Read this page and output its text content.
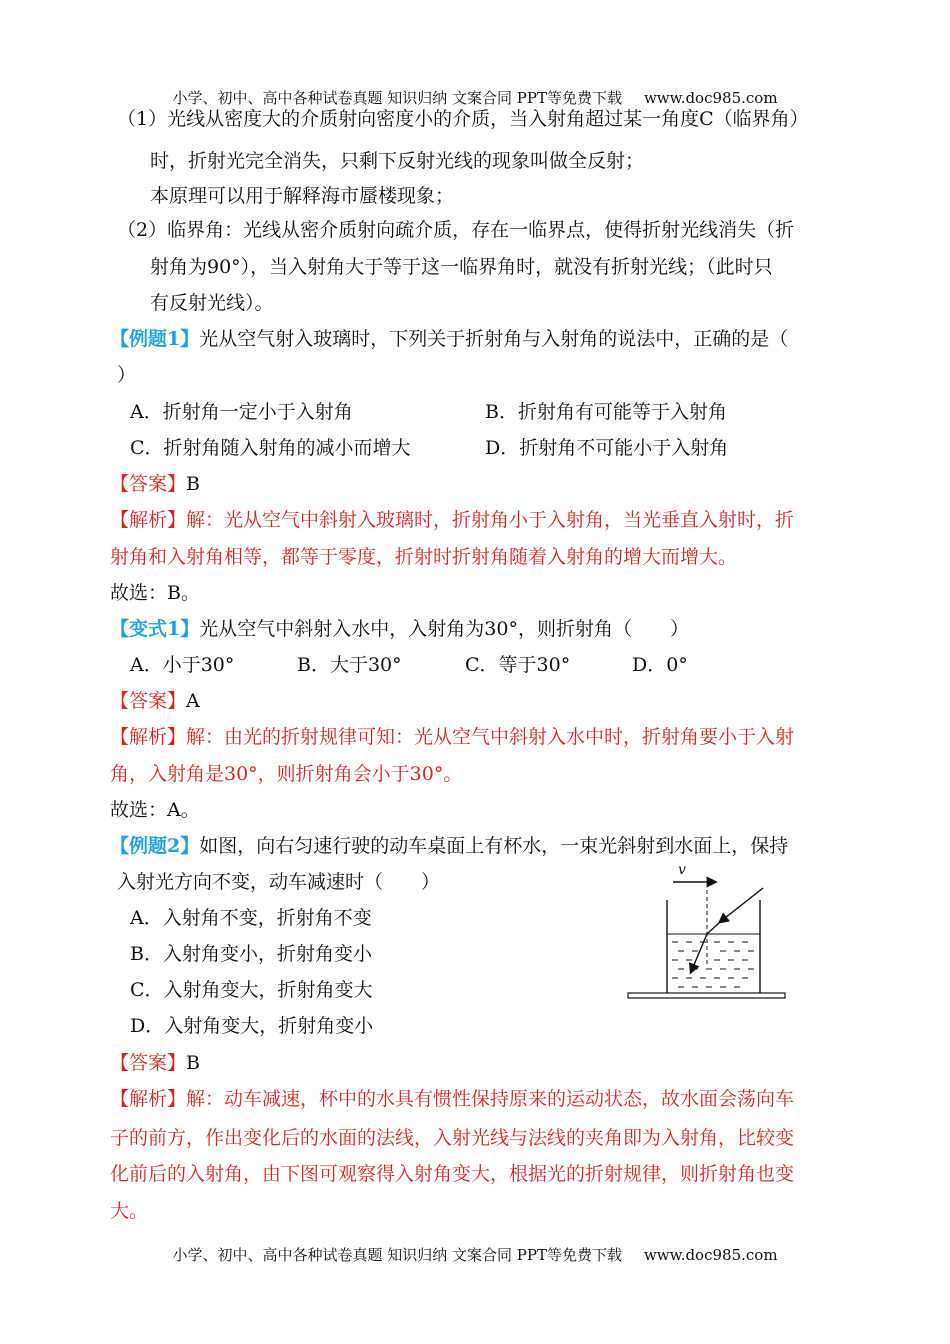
小学、初中、高中各种试卷真题 知识归纳 文案合同 PPT等免费下载 www.doc985.com
（1）光线从密度大的介质射向密度小的介质，当入射角超过某一角度C（临界角）
时，折射光完全消失，只剩下反射光线的现象叫做全反射；
本原理可以用于解释海市蜃楼现象；
（2）临界角：光线从密介质射向疏介质，存在一临界点，使得折射光线消失（折
射角为90°），当入射角大于等于这一临界角时，就没有折射光线；（此时只
有反射光线）。
【例题1】光从空气射入玻璃时，下列关于折射角与入射角的说法中，正确的是（
）
A．折射角一定小于入射角	B．折射角有可能等于入射角
C．折射角随入射角的减小而增大	D．折射角不可能小于入射角
【答案】B
【解析】解：光从空气中斜射入玻璃时，折射角小于入射角，当光垂直入射时，折
射角和入射角相等，都等于零度，折射时折射角随着入射角的增大而增大。
故选：B。
【变式1】光从空气中斜射入水中，入射角为30°，则折射角（　　）
A．小于30°	B．大于30°	C．等于30°	D．0°
【答案】A
【解析】解：由光的折射规律可知：光从空气中斜射入水中时，折射角要小于入射
角，入射角是30°，则折射角会小于30°。
故选：A。
【例题2】如图，向右匀速行驶的动车桌面上有杯水，一束光斜射到水面上，保持
入射光方向不变，动车减速时（　　）
A．入射角不变，折射角不变
B．入射角变小，折射角变小
C．入射角变大，折射角变大
D．入射角变大，折射角变小
v
【答案】B
【解析】解：动车减速，杯中的水具有惯性保持原来的运动状态，故水面会荡向车
子的前方，作出变化后的水面的法线，入射光线与法线的夹角即为入射角，比较变
化前后的入射角，由下图可观察得入射角变大，根据光的折射规律，则折射角也变
大。
小学、初中、高中各种试卷真题 知识归纳 文案合同 PPT等免费下载 www.doc985.com
